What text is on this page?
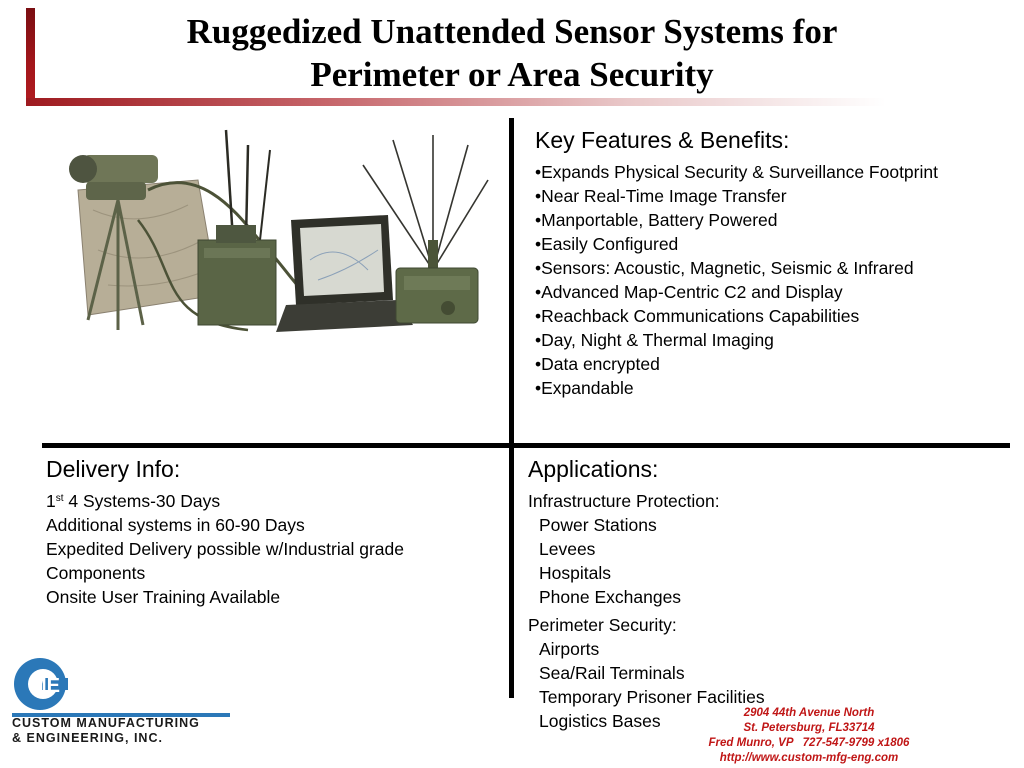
Ruggedized Unattended Sensor Systems for
Perimeter or Area Security
Key Features & Benefits:
•Expands Physical Security & Surveillance Footprint
•Near Real-Time Image Transfer
•Manportable, Battery Powered
•Easily Configured
•Sensors: Acoustic, Magnetic, Seismic & Infrared
•Advanced Map-Centric C2 and Display
•Reachback Communications Capabilities
•Day, Night & Thermal Imaging
•Data encrypted
•Expandable
Delivery Info:
1st 4 Systems-30 Days
Additional systems in 60-90 Days
Expedited Delivery possible w/Industrial grade
Components
Onsite User Training Available
Applications:
Infrastructure Protection:
Power Stations
Levees
Hospitals
Phone Exchanges
Perimeter Security:
Airports
Sea/Rail Terminals
Temporary Prisoner Facilities
Logistics Bases
ME
CUSTOM MANUFACTURING
& ENGINEERING, INC.
2904 44th Avenue North
St. Petersburg, FL33714
Fred Munro, VP   727-547-9799 x1806
http://www.custom-mfg-eng.com
